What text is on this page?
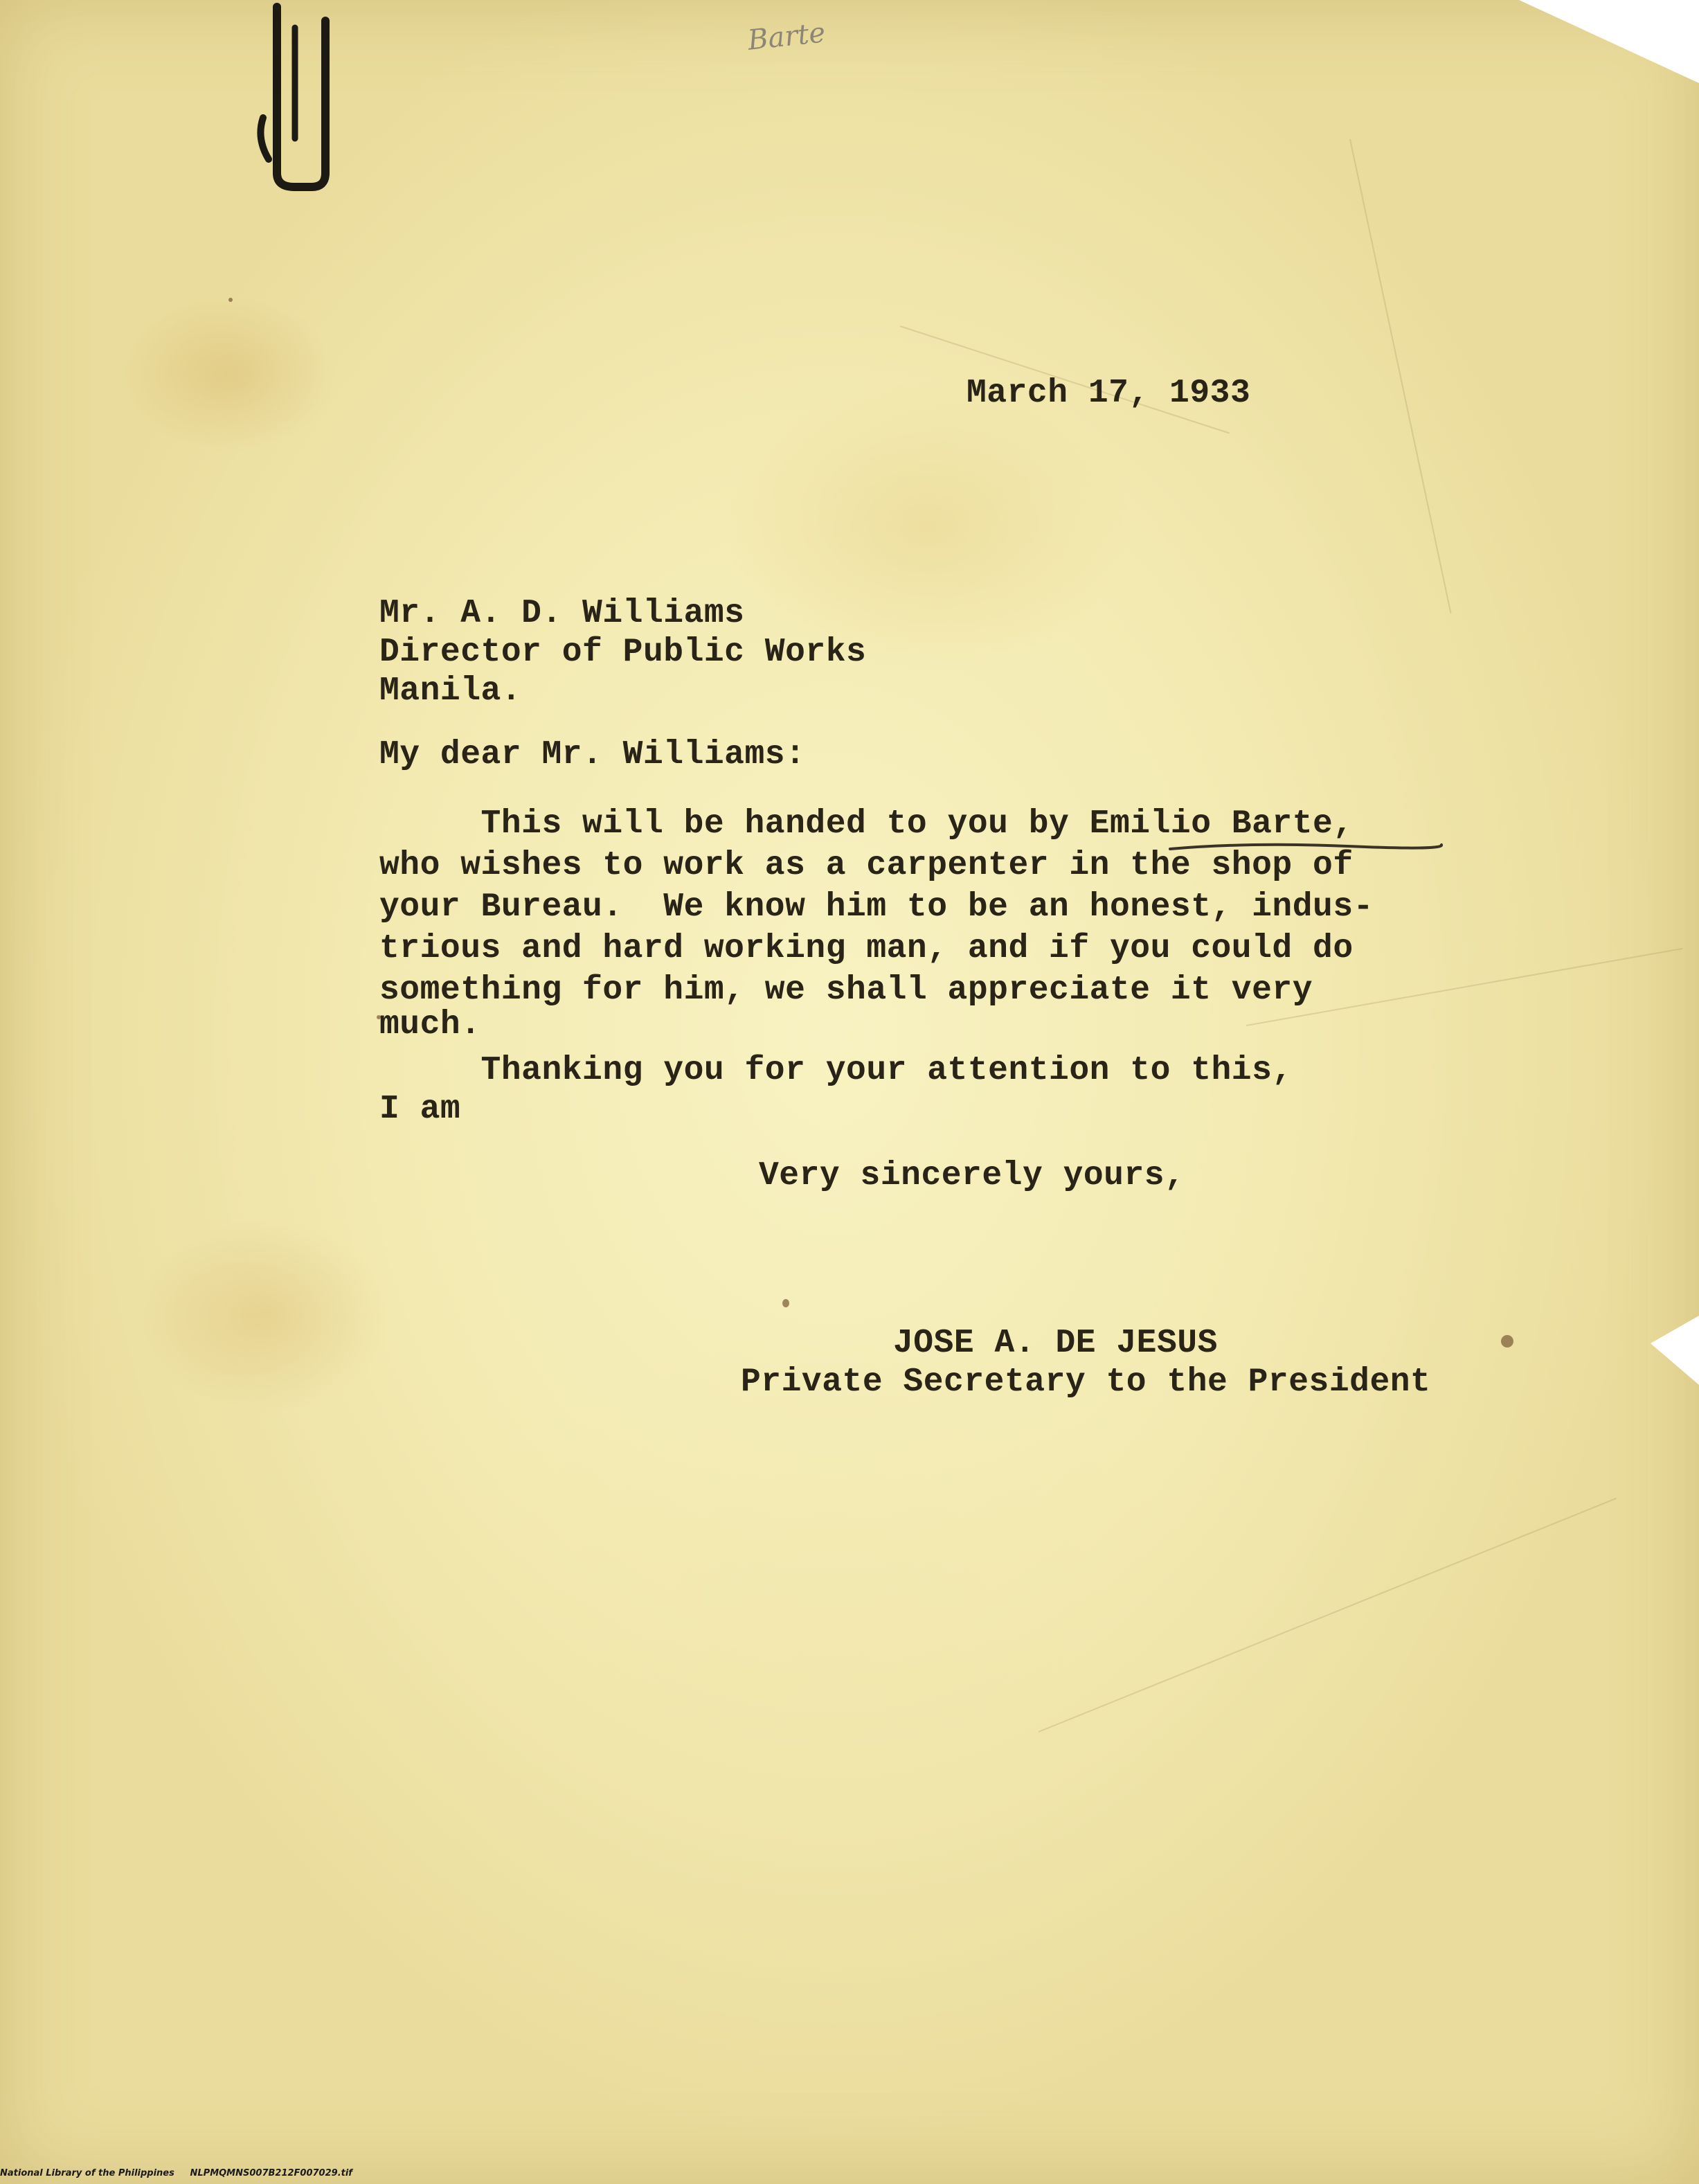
Barte

March 17, 1933

Mr. A. D. Williams

Director of Public Works

Manila.

My dear Mr. Williams:

This will be handed to you by Emilio Barte,

who wishes to work as a carpenter in the shop of

your Bureau.  We know him to be an honest, indus-

trious and hard working man, and if you could do

something for him, we shall appreciate it very

much.

Thanking you for your attention to this,

I am

Very sincerely yours,

JOSE A. DE JESUS

Private Secretary to the President

National Library of the Philippines NLPMQMNS007B212F007029.tif
